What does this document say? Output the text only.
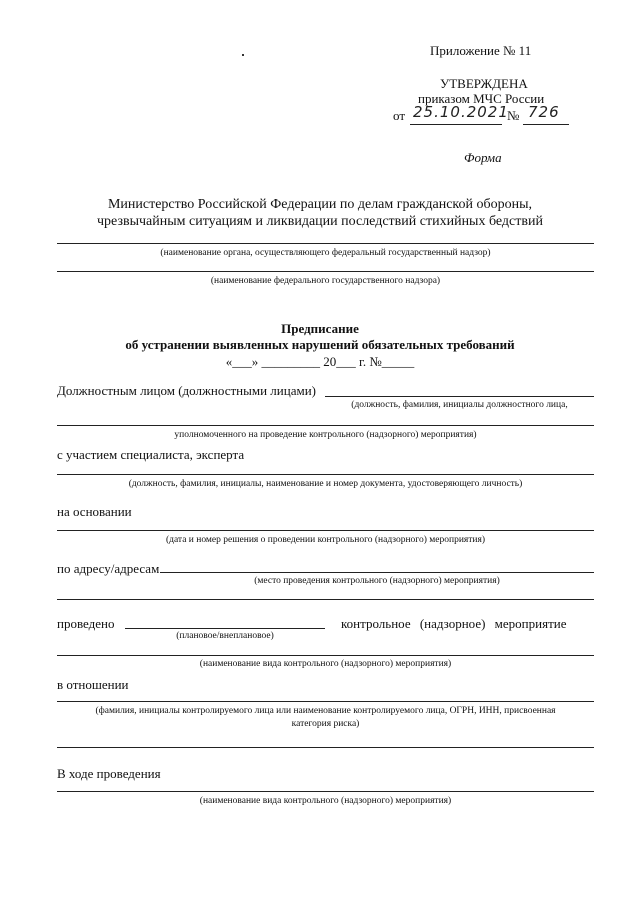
Приложение № 11
УТВЕРЖДЕНА
приказом МЧС России
от 25.10.2021
№ 726
Форма
Министерство Российской Федерации по делам гражданской обороны,
чрезвычайным ситуациям и ликвидации последствий стихийных бедствий
(наименование органа, осуществляющего федеральный государственный надзор)
(наименование федерального государственного надзора)
Предписание
об устранении выявленных нарушений обязательных требований
«___» _________ 20___ г. №_____
Должностным лицом (должностными лицами)
(должность, фамилия, инициалы должностного лица,
уполномоченного на проведение контрольного (надзорного) мероприятия)
с участием специалиста, эксперта
(должность, фамилия, инициалы, наименование и номер документа, удостоверяющего личность)
на основании
(дата и номер решения о проведении контрольного (надзорного) мероприятия)
по адресу/адресам
(место проведения контрольного (надзорного) мероприятия)
проведено
(плановое/внеплановое)
контрольное (надзорное) мероприятие
(наименование вида контрольного (надзорного) мероприятия)
в отношении
(фамилия, инициалы контролируемого лица или наименование контролируемого лица, ОГРН, ИНН, присвоенная
категория риска)
В ходе проведения
(наименование вида контрольного (надзорного) мероприятия)
